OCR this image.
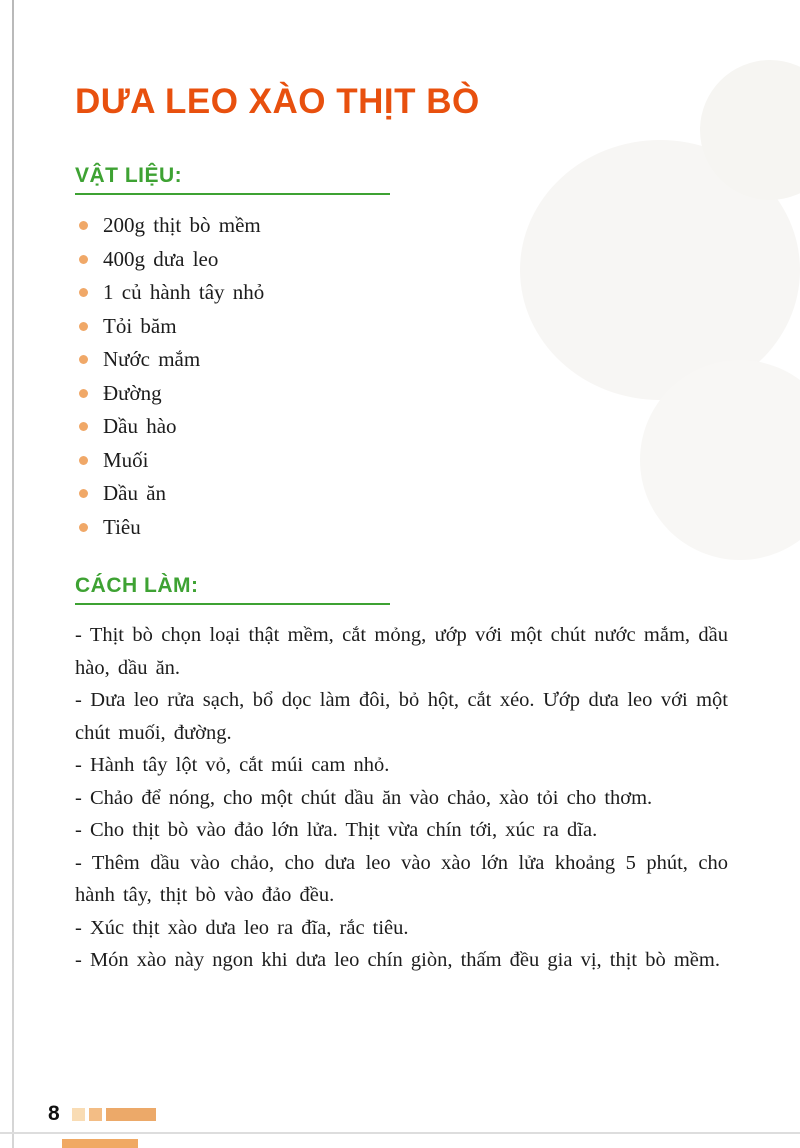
DƯA LEO XÀO THỊT BÒ
VẬT LIỆU:
200g thịt bò mềm
400g dưa leo
1 củ hành tây nhỏ
Tỏi băm
Nước mắm
Đường
Dầu hào
Muối
Dầu ăn
Tiêu
CÁCH LÀM:

- Thịt bò chọn loại thật mềm, cắt mỏng, ướp với một chút nước mắm, dầu hào, dầu ăn.

- Dưa leo rửa sạch, bổ dọc làm đôi, bỏ hột, cắt xéo. Ướp dưa leo với một chút muối, đường.

- Hành tây lột vỏ, cắt múi cam nhỏ.

- Chảo để nóng, cho một chút dầu ăn vào chảo, xào tỏi cho thơm.

- Cho thịt bò vào đảo lớn lửa. Thịt vừa chín tới, xúc ra dĩa.

- Thêm dầu vào chảo, cho dưa leo vào xào lớn lửa khoảng 5 phút, cho hành tây, thịt bò vào đảo đều.

- Xúc thịt xào dưa leo ra đĩa, rắc tiêu.

- Món xào này ngon khi dưa leo chín giòn, thấm đều gia vị, thịt bò mềm.

8
